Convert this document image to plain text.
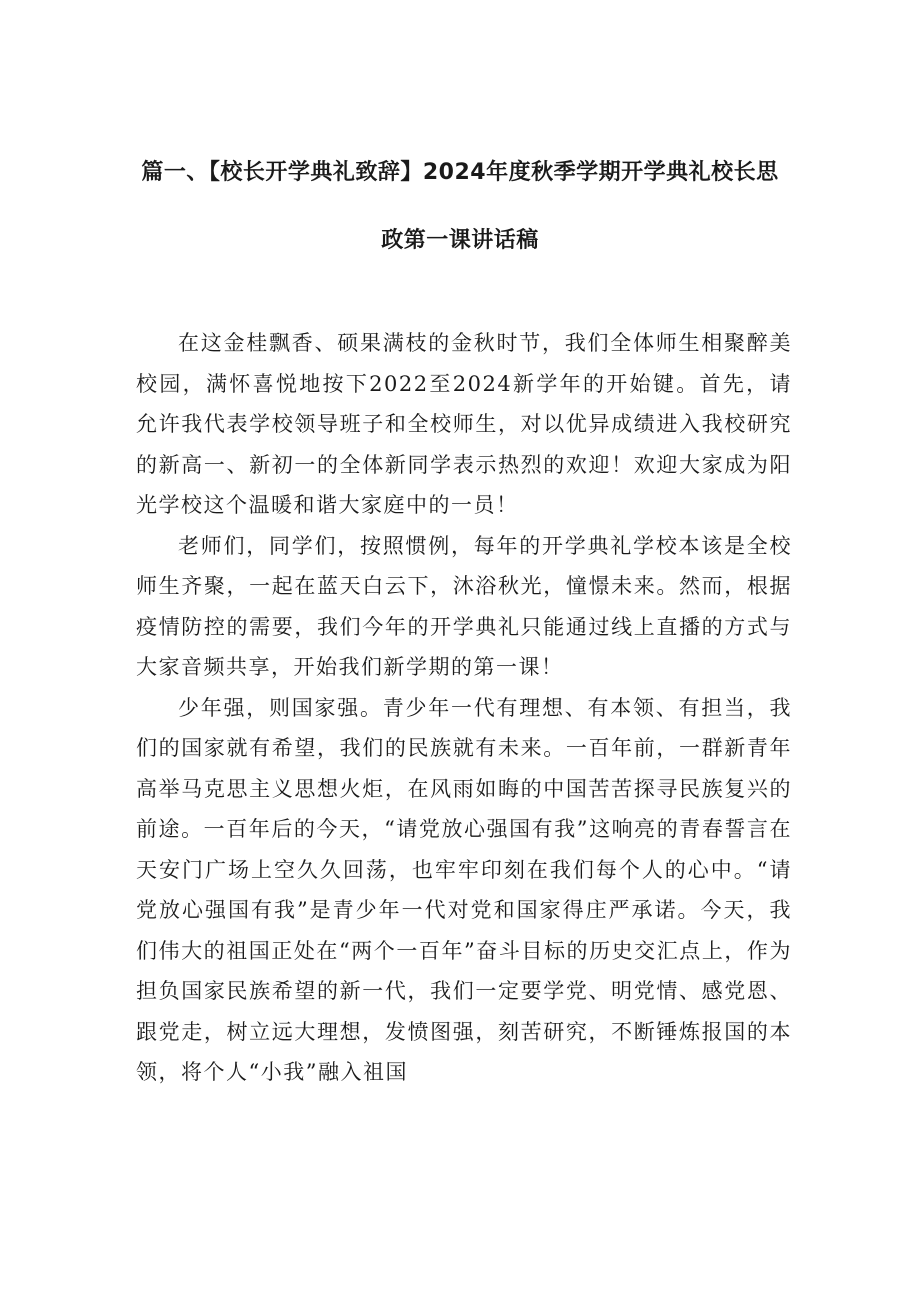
篇一、【校长开学典礼致辞】2024年度秋季学期开学典礼校长思
政第一课讲话稿

在这金桂飘香、硕果满枝的金秋时节，我们全体师生相聚醉美校园，满怀喜悦地按下2022至2024新学年的开始键。首先，请允许我代表学校领导班子和全校师生，对以优异成绩进入我校研究的新高一、新初一的全体新同学表示热烈的欢迎！欢迎大家成为阳光学校这个温暖和谐大家庭中的一员！

老师们，同学们，按照惯例，每年的开学典礼学校本该是全校师生齐聚，一起在蓝天白云下，沐浴秋光，憧憬未来。然而，根据疫情防控的需要，我们今年的开学典礼只能通过线上直播的方式与大家音频共享，开始我们新学期的第一课！

少年强，则国家强。青少年一代有理想、有本领、有担当，我们的国家就有希望，我们的民族就有未来。一百年前，一群新青年高举马克思主义思想火炬，在风雨如晦的中国苦苦探寻民族复兴的前途。一百年后的今天，“请党放心强国有我”这响亮的青春誓言在天安门广场上空久久回荡，也牢牢印刻在我们每个人的心中。“请党放心强国有我”是青少年一代对党和国家得庄严承诺。今天，我们伟大的祖国正处在“两个一百年”奋斗目标的历史交汇点上，作为担负国家民族希望的新一代，我们一定要学党、明党情、感党恩、跟党走，树立远大理想，发愤图强，刻苦研究，不断锤炼报国的本领，将个人“小我”融入祖国
